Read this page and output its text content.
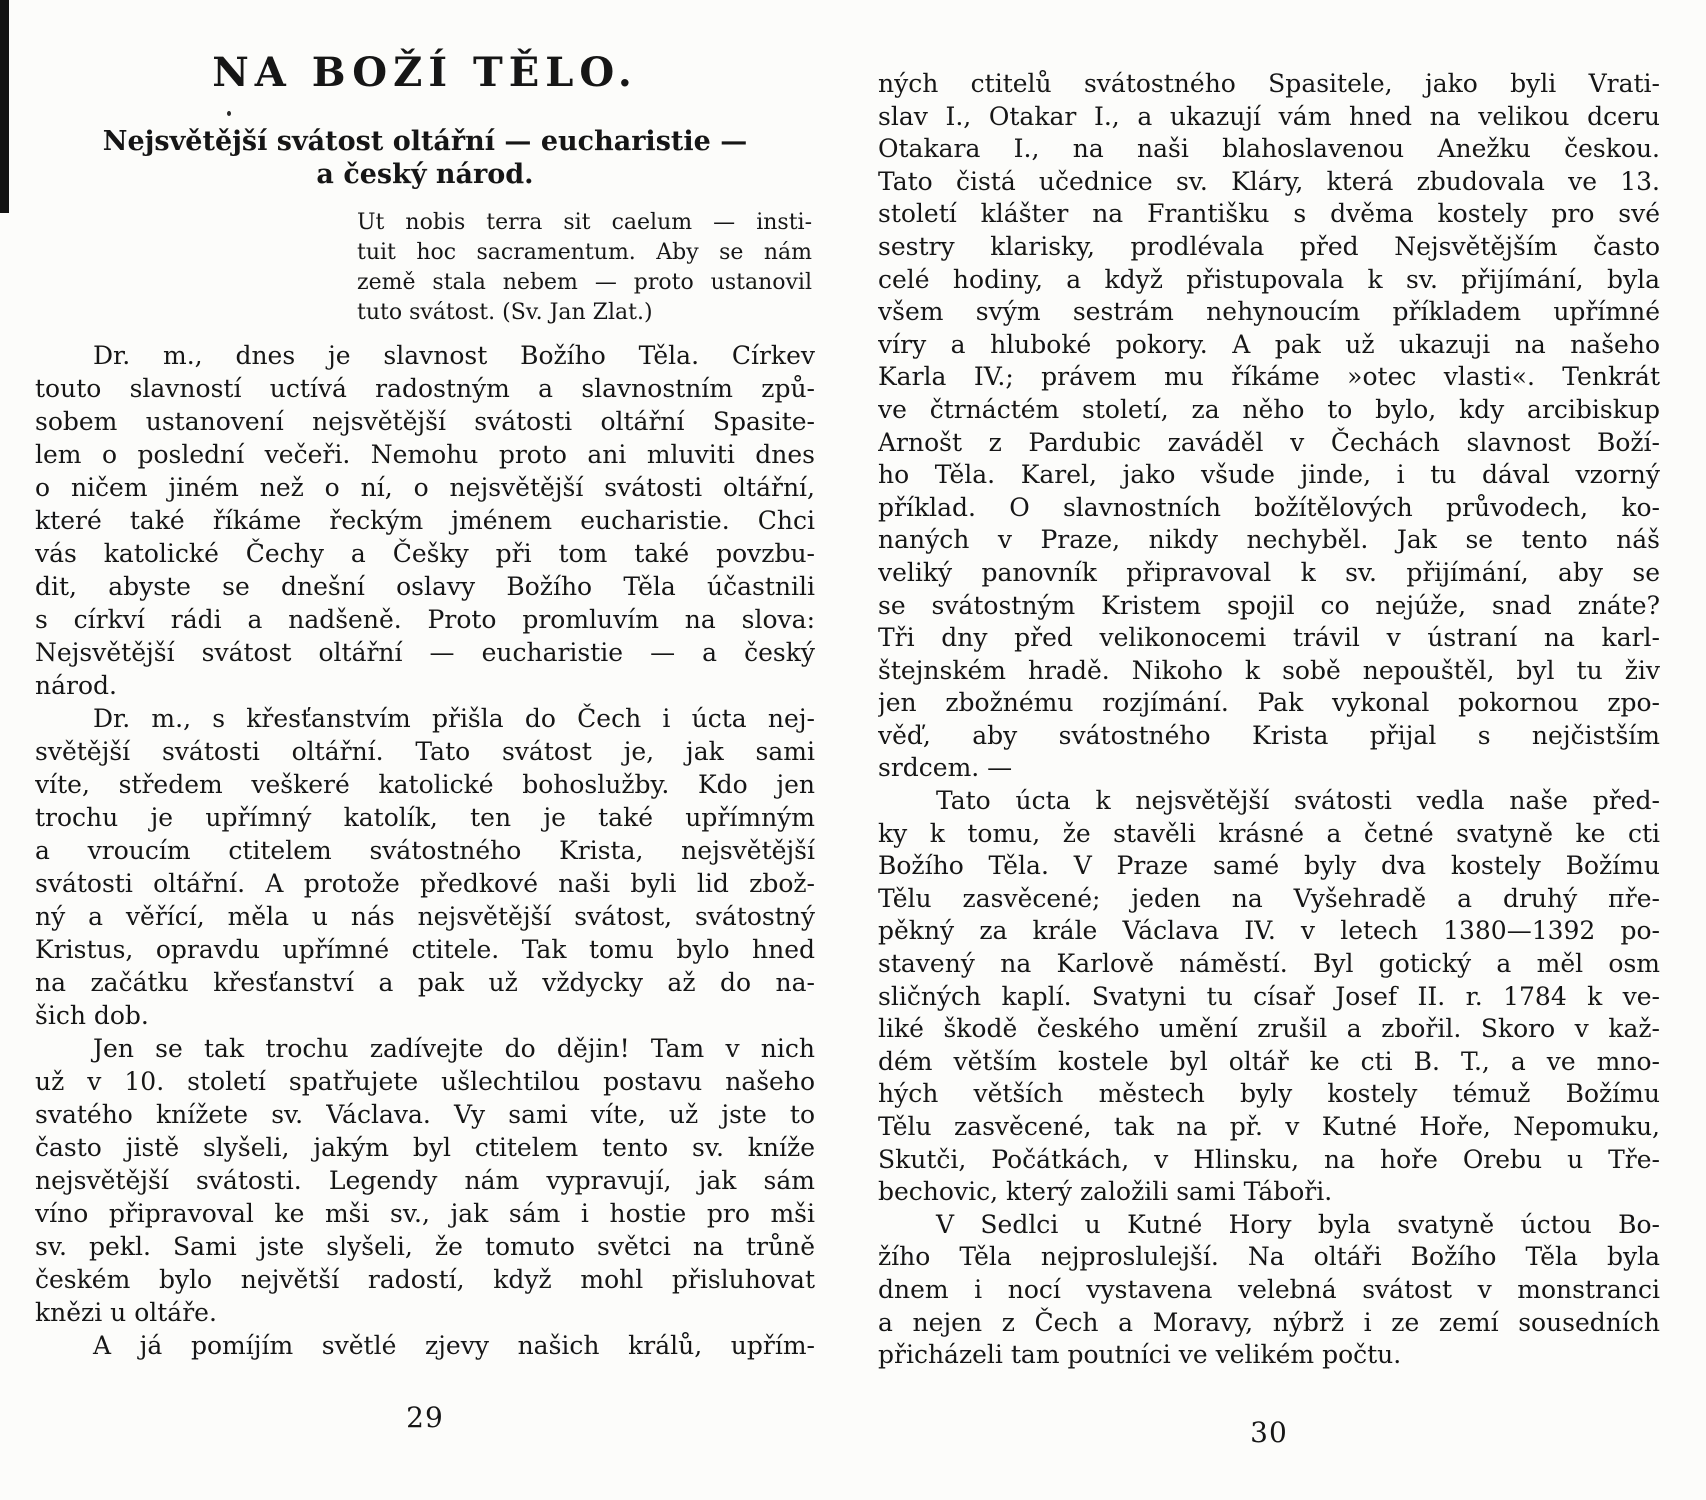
NA BOŽÍ TĚLO.
Nejsvětější svátost oltářní — eucharistie —
a český národ.
Ut nobis terra sit caelum — insti-
tuit hoc sacramentum. Aby se nám
země stala nebem — proto ustanovil
tuto svátost. (Sv. Jan Zlat.)
Dr. m., dnes je slavnost Božího Těla. Církev
touto slavností uctívá radostným a slavnostním způ-
sobem ustanovení nejsvětější svátosti oltářní Spasite-
lem o poslední večeři. Nemohu proto ani mluviti dnes
o ničem jiném než o ní, o nejsvětější svátosti oltářní,
které také říkáme řeckým jménem eucharistie. Chci
vás katolické Čechy a Češky při tom také povzbu-
dit, abyste se dnešní oslavy Božího Těla účastnili
s církví rádi a nadšeně. Proto promluvím na slova:
Nejsvětější svátost oltářní — eucharistie — a český
národ.
Dr. m., s křesťanstvím přišla do Čech i úcta nej-
světější svátosti oltářní. Tato svátost je, jak sami
víte, středem veškeré katolické bohoslužby. Kdo jen
trochu je upřímný katolík, ten je také upřímným
a vroucím ctitelem svátostného Krista, nejsvětější
svátosti oltářní. A protože předkové naši byli lid zbož-
ný a věřící, měla u nás nejsvětější svátost, svátostný
Kristus, opravdu upřímné ctitele. Tak tomu bylo hned
na začátku křesťanství a pak už vždycky až do na-
šich dob.
Jen se tak trochu zadívejte do dějin! Tam v nich
už v 10. století spatřujete ušlechtilou postavu našeho
svatého knížete sv. Václava. Vy sami víte, už jste to
často jistě slyšeli, jakým byl ctitelem tento sv. kníže
nejsvětější svátosti. Legendy nám vypravují, jak sám
víno připravoval ke mši sv., jak sám i hostie pro mši
sv. pekl. Sami jste slyšeli, že tomuto světci na trůně
českém bylo největší radostí, když mohl přisluhovat
knězi u oltáře.
A já pomíjím světlé zjevy našich králů, upřím-
29
ných ctitelů svátostného Spasitele, jako byli Vrati-
slav I., Otakar I., a ukazují vám hned na velikou dceru
Otakara I., na naši blahoslavenou Anežku českou.
Tato čistá učednice sv. Kláry, která zbudovala ve 13.
století klášter na Františku s dvěma kostely pro své
sestry klarisky, prodlévala před Nejsvětějším často
celé hodiny, a když přistupovala k sv. přijímání, byla
všem svým sestrám nehynoucím příkladem upřímné
víry a hluboké pokory. A pak už ukazuji na našeho
Karla IV.; právem mu říkáme »otec vlasti«. Tenkrát
ve čtrnáctém století, za něho to bylo, kdy arcibiskup
Arnošt z Pardubic zaváděl v Čechách slavnost Boží-
ho Těla. Karel, jako všude jinde, i tu dával vzorný
příklad. O slavnostních božítělových průvodech, ko-
naných v Praze, nikdy nechyběl. Jak se tento náš
veliký panovník připravoval k sv. přijímání, aby se
se svátostným Kristem spojil co nejúže, snad znáte?
Tři dny před velikonocemi trávil v ústraní na karl-
štejnském hradě. Nikoho k sobě nepouštěl, byl tu živ
jen zbožnému rozjímání. Pak vykonal pokornou zpo-
věď, aby svátostného Krista přijal s nejčistším
srdcem. —
Tato úcta k nejsvětější svátosti vedla naše před-
ky k tomu, že stavěli krásné a četné svatyně ke cti
Božího Těla. V Praze samé byly dva kostely Božímu
Tělu zasvěcené; jeden na Vyšehradě a druhý пře-
pěkný za krále Václava IV. v letech 1380—1392 po-
stavený na Karlově náměstí. Byl gotický a měl osm
sličných kaplí. Svatyni tu císař Josef II. r. 1784 k ve-
liké škodě českého umění zrušil a zbořil. Skoro v kaž-
dém větším kostele byl oltář ke cti B. T., a ve mno-
hých větších městech byly kostely témuž Božímu
Tělu zasvěcené, tak na př. v Kutné Hoře, Nepomuku,
Skutči, Počátkách, v Hlinsku, na hoře Orebu u Tře-
bechovic, který založili sami Táboři.
V Sedlci u Kutné Hory byla svatyně úctou Bo-
žího Těla nejproslulejší. Na oltáři Božího Těla byla
dnem i nocí vystavena velebná svátost v monstranci
a nejen z Čech a Moravy, nýbrž i ze zemí sousedních
přicházeli tam poutníci ve velikém počtu.
30
